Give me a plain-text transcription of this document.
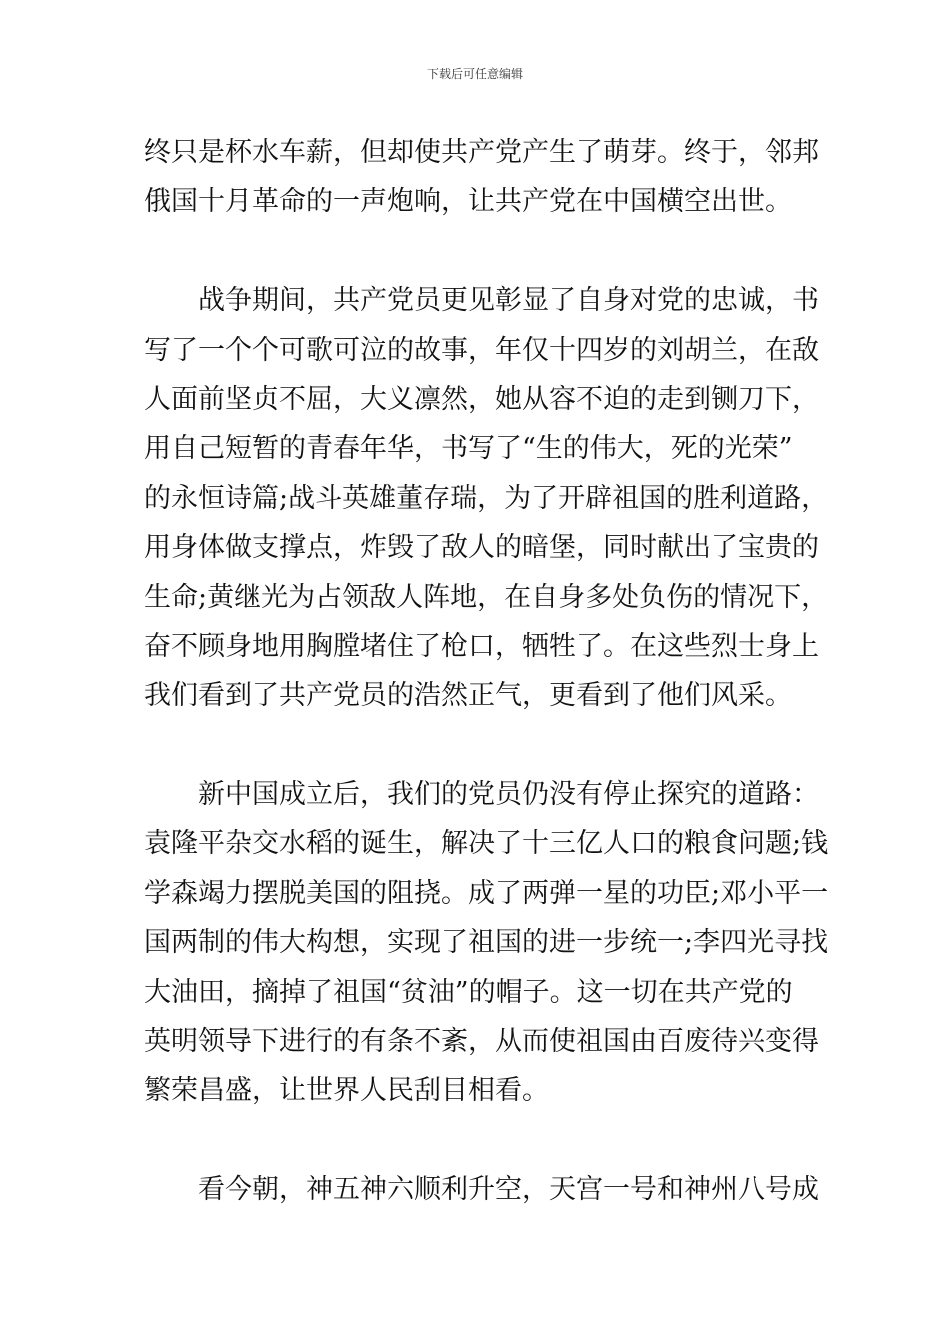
下载后可任意编辑
终只是杯水车薪，但却使共产党产生了萌芽。终于，邻邦
俄国十月革命的一声炮响，让共产党在中国横空出世。
战争期间，共产党员更见彰显了自身对党的忠诚，书
写了一个个可歌可泣的故事，年仅十四岁的刘胡兰，在敌
人面前坚贞不屈，大义凛然，她从容不迫的走到铡刀下，
用自己短暂的青春年华，书写了“生的伟大，死的光荣”
的永恒诗篇;战斗英雄董存瑞，为了开辟祖国的胜利道路，
用身体做支撑点，炸毁了敌人的暗堡，同时献出了宝贵的
生命;黄继光为占领敌人阵地，在自身多处负伤的情况下，
奋不顾身地用胸膛堵住了枪口，牺牲了。在这些烈士身上
我们看到了共产党员的浩然正气，更看到了他们风采。
新中国成立后，我们的党员仍没有停止探究的道路：
袁隆平杂交水稻的诞生，解决了十三亿人口的粮食问题;钱
学森竭力摆脱美国的阻挠。成了两弹一星的功臣;邓小平一
国两制的伟大构想，实现了祖国的进一步统一;李四光寻找
大油田，摘掉了祖国“贫油”的帽子。这一切在共产党的
英明领导下进行的有条不紊，从而使祖国由百废待兴变得
繁荣昌盛，让世界人民刮目相看。
看今朝，神五神六顺利升空，天宫一号和神州八号成
